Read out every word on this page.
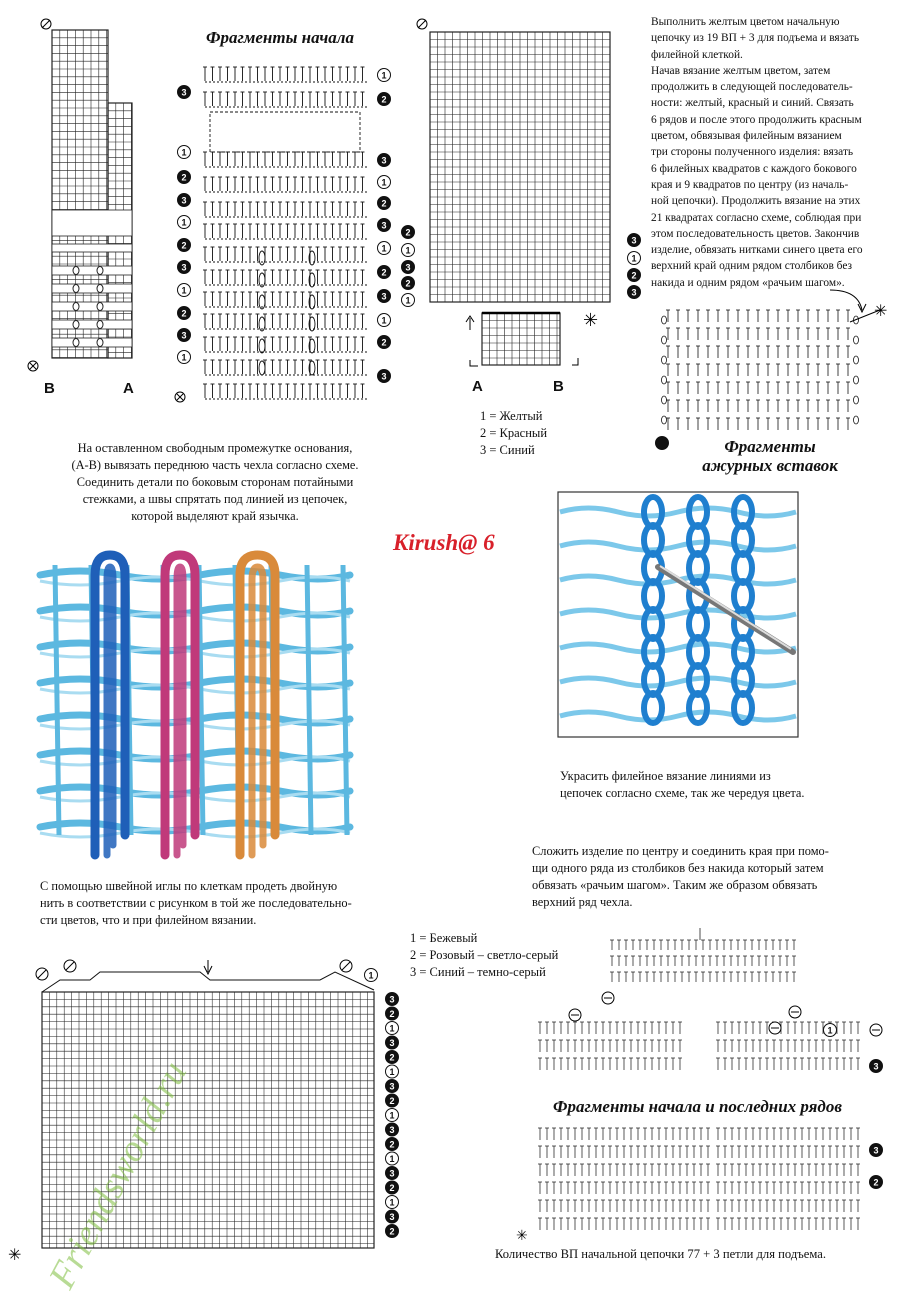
B	A
Фрагменты начала
3
1
2
3
1
2
3
1
2
3
1
1
2
3
1
2
3
1
2
3
1
2
3
2
1
3
2
1
3
1
2
3
✳
A	B
1 = Желтый
2 = Красный
3 = Синий
Выполнить желтым цветом начальную
цепочку из 19 ВП + 3 для подъема и вязать
филейной клеткой.
Начав вязание желтым цветом, затем
продолжить в следующей последователь-
ности: желтый, красный и синий. Связать
6 рядов и после этого продолжить красным
цветом, обвязывая филейным вязанием
три стороны полученного изделия: вязать
6 филейных квадратов с каждого бокового
края и 9 квадратов по центру (из началь-
ной цепочки). Продолжить вязание на этих
21 квадратах согласно схеме, соблюдая при
этом последовательность цветов. Закончив
изделие, обвязать нитками синего цвета его
верхний край одним рядом столбиков без
накида и одним рядом «рачьим шагом».
✳
Фрагменты
ажурных вставок
На оставленном свободным промежутке основания,
(А-В) вывязать переднюю часть чехла согласно схеме.
Соединить детали по боковым сторонам потайными
стежками, а швы спрятать под линией из цепочек,
которой выделяют край язычка.
Kirush@ 6
Украсить филейное вязание линиями из
цепочек согласно схеме, так же чередуя цвета.
С помощью швейной иглы по клеткам продеть двойную
нить в соответствии с рисунком в той же последовательно-
сти цветов, что и при филейном вязании.
Сложить изделие по центру и соединить края при помо-
щи одного ряда из столбиков без накида который затем
обвязать «рачьим шагом». Таким же образом обвязать
верхний ряд чехла.
1 = Бежевый
2 = Розовый – светло-серый
3 = Синий – темно-серый
1
3
2
1
3
2
1
3
2
1
3
2
1
3
2
1
3
2
✳
1
3
3
2
✳
Фрагменты начала и последних рядов
Количество ВП начальной цепочки 77 + 3 петли для подъема.
Friendsworld.ru
